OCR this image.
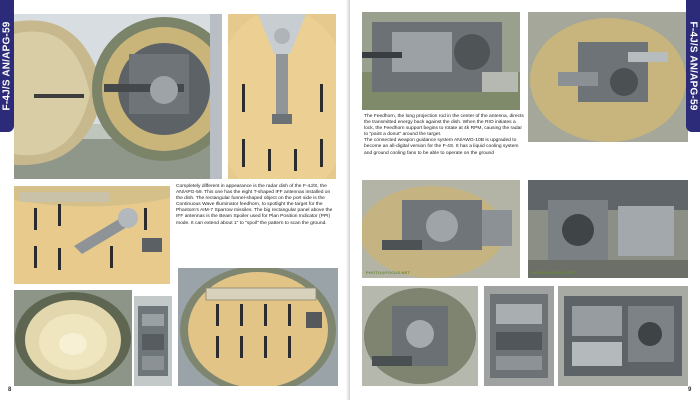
F-4J/S AN/APG-59

Completely different in appearance is the radar dish of the F-4J/S, the AN/APG-59. This one has the eight T-shaped IFF antennas installed on the dish. The rectangular funnel-shaped object on the port side is the Continuous Wave Illuminator feedhorn, to spotlight the target for the Phantom's AIM-7 Sparrow missiles. The big rectangular panel above the IFF antennas is the Beam Spoiler used for Plan Position Indicator (PPI) mode. It can extend about 1" to "spoil" the pattern to scan the ground.

8

The Feedhorn, the long projection rod in the center of the antenna, directs the transmitted energy back against the dish. When the RIO initiates a lock, the Feedhorn support begins to rotate at 4k RPM, causing the radar to "paint a donut" around the target.

The connected weapon guidance system AN/AWG-10B is upgraded to become an all-digital version for the F-4S. It has a liquid cooling system and ground cooling fans to be able to operate on the ground

PHOTO@FOCUS.NET	PHOTO@FOCUS.NET
9
F-4J/S AN/APG-59
